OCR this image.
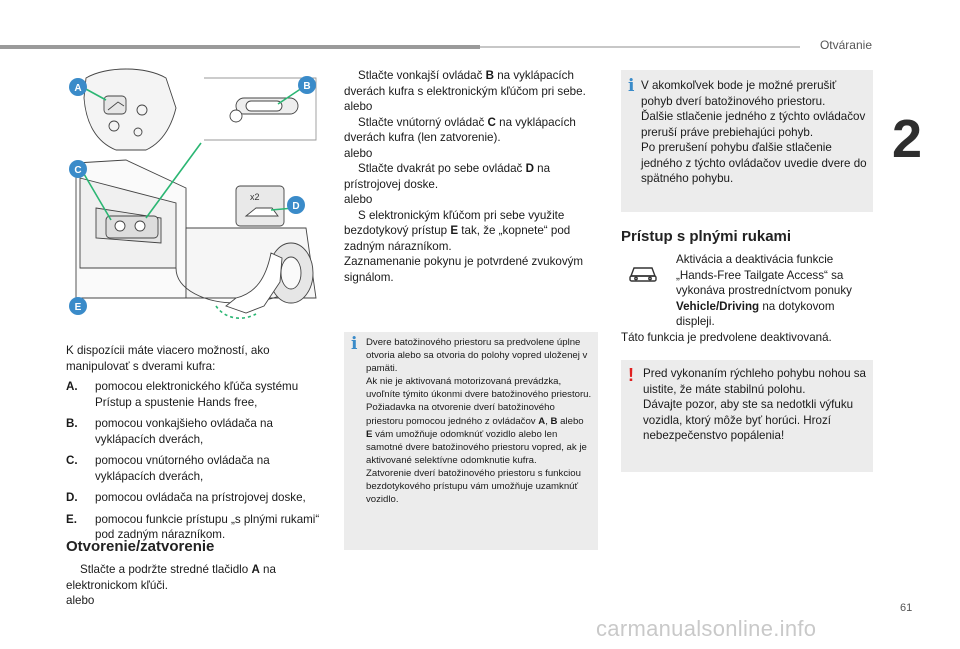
Otváranie
2
x2
A	B
C
D
E
K dispozícii máte viacero možností, ako manipulovať s dverami kufra:
A. pomocou elektronického kľúča systému Prístup a spustenie Hands free,
B. pomocou vonkajšieho ovládača na vyklápacích dverách,
C. pomocou vnútorného ovládača na vyklápacích dverách,
D. pomocou ovládača na prístrojovej doske,
E. pomocou funkcie prístupu „s plnými rukami“ pod zadným nárazníkom.
Otvorenie/zatvorenie
Stlačte a podržte stredné tlačidlo A na elektronickom kľúči.
alebo
Stlačte vonkajší ovládač B na vyklápacích dverách kufra s elektronickým kľúčom pri sebe.
alebo
Stlačte vnútorný ovládač C na vyklápacích dverách kufra (len zatvorenie).
alebo
Stlačte dvakrát po sebe ovládač D na prístrojovej doske.
alebo
S elektronickým kľúčom pri sebe využite bezdotykový prístup E tak, že „kopnete“ pod zadným nárazníkom.
Zaznamenanie pokynu je potvrdené zvukovým signálom.
i Dvere batožinového priestoru sa predvolene úplne otvoria alebo sa otvoria do polohy vopred uloženej v pamäti.
Ak nie je aktivovaná motorizovaná prevádzka, uvoľníte týmito úkonmi dvere batožinového priestoru.
Požiadavka na otvorenie dverí batožinového priestoru pomocou jedného z ovládačov A, B alebo E vám umožňuje odomknúť vozidlo alebo len samotné dvere batožinového priestoru vopred, ak je aktivované selektívne odomknutie kufra.
Zatvorenie dverí batožinového priestoru s funkciou bezdotykového prístupu vám umožňuje uzamknúť vozidlo.
i V akomkoľvek bode je možné prerušiť pohyb dverí batožinového priestoru.
Ďalšie stlačenie jedného z týchto ovládačov preruší práve prebiehajúci pohyb.
Po prerušení pohybu ďalšie stlačenie jedného z týchto ovládačov uvedie dvere do spätného pohybu.
Prístup s plnými rukami
Aktivácia a deaktivácia funkcie „Hands-Free Tailgate Access“ sa vykonáva prostredníctvom ponuky Vehicle/Driving na dotykovom displeji.
Táto funkcia je predvolene deaktivovaná.
! Pred vykonaním rýchleho pohybu nohou sa uistite, že máte stabilnú polohu.
Dávajte pozor, aby ste sa nedotkli výfuku vozidla, ktorý môže byť horúci. Hrozí nebezpečenstvo popálenia!
61
carmanualsonline.info
